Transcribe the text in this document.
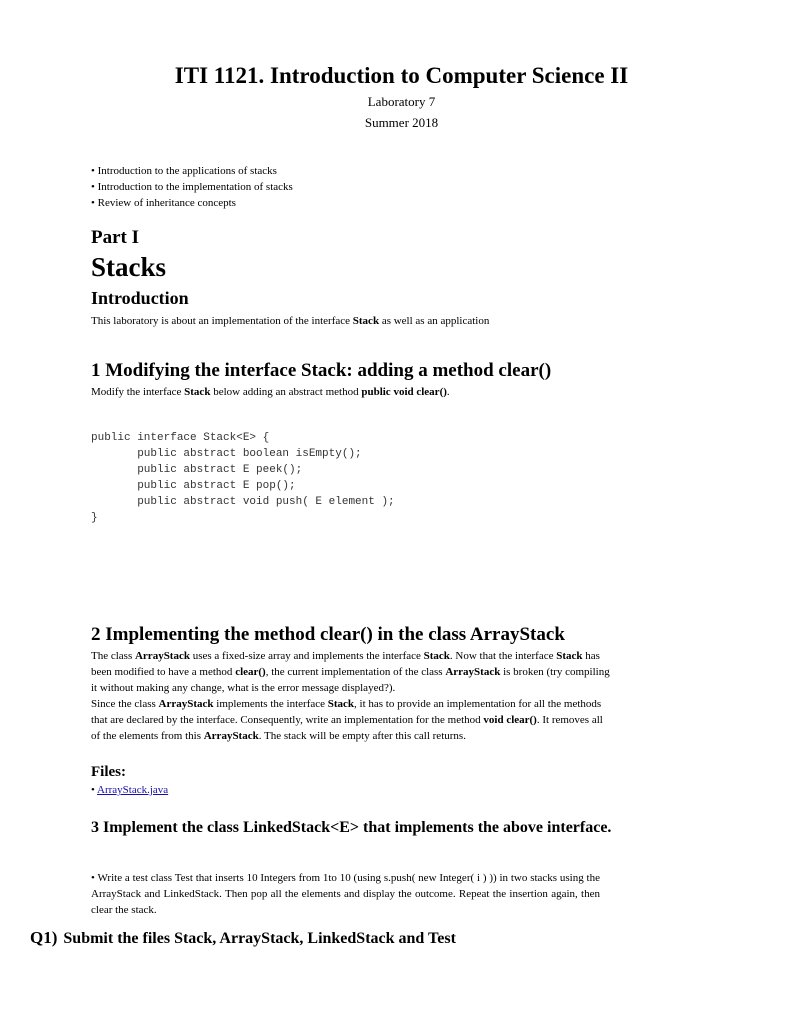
ITI 1121. Introduction to Computer Science II
Laboratory 7
Summer 2018
• Introduction to the applications of stacks
• Introduction to the implementation of stacks
• Review of inheritance concepts
Part I
Stacks
Introduction
This laboratory is about an implementation of the interface Stack as well as an application
1 Modifying the interface Stack: adding a method clear()
Modify the interface Stack below adding an abstract method public void clear().
public interface Stack<E> {
public abstract boolean isEmpty();
public abstract E peek();
public abstract E pop();
public abstract void push( E element );
}
2 Implementing the method clear() in the class ArrayStack
The class ArrayStack uses a fixed-size array and implements the interface Stack. Now that the interface Stack has been modified to have a method clear(), the current implementation of the class ArrayStack is broken (try compiling it without making any change, what is the error message displayed?).
Since the class ArrayStack implements the interface Stack, it has to provide an implementation for all the methods that are declared by the interface. Consequently, write an implementation for the method void clear(). It removes all of the elements from this ArrayStack. The stack will be empty after this call returns.
Files:
• ArrayStack.java
3 Implement the class LinkedStack<E> that implements the above interface.
• Write a test class Test that inserts 10 Integers from 1to 10 (using s.push( new Integer( i ) )) in two stacks using the ArrayStack and LinkedStack. Then pop all the elements and display the outcome. Repeat the insertion again, then clear the stack.
Q1) Submit the files Stack, ArrayStack, LinkedStack and Test
